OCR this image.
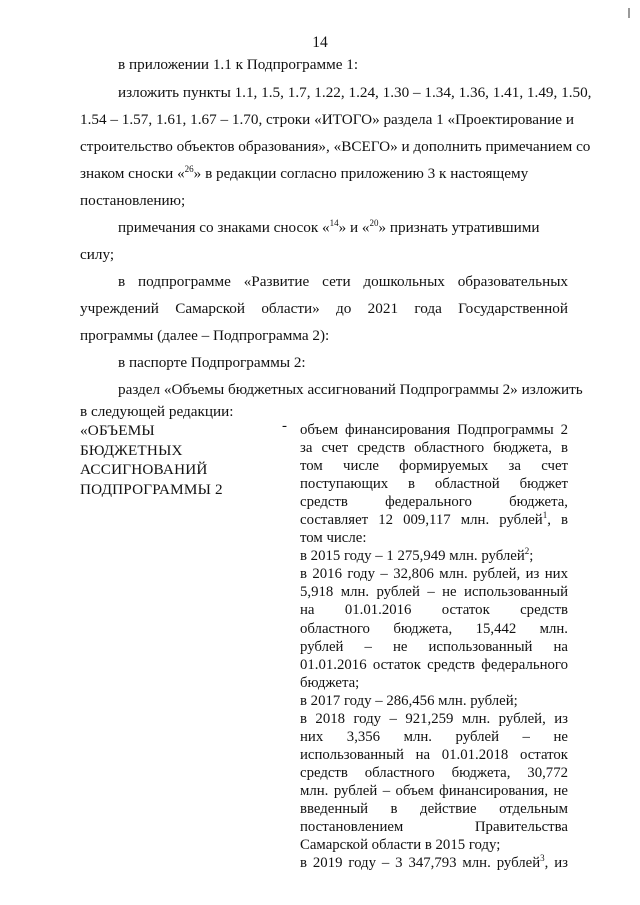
14
в приложении 1.1 к Подпрограмме 1:
изложить пункты 1.1, 1.5, 1.7, 1.22, 1.24, 1.30 – 1.34, 1.36, 1.41, 1.49, 1.50,
1.54 – 1.57, 1.61, 1.67 – 1.70, строки «ИТОГО» раздела 1 «Проектирование и
строительство объектов образования», «ВСЕГО» и дополнить примечанием со
знаком сноски «$^{26}$» в редакции согласно приложению 3 к настоящему
постановлению;
примечания со знаками сносок «$^{14}$» и «$^{20}$» признать утратившими
силу;
в подпрограмме «Развитие сети дошкольных образовательных
учреждений Самарской области» до 2021 года Государственной
программы (далее – Подпрограмма 2):
в паспорте Подпрограммы 2:
раздел «Объемы бюджетных ассигнований Подпрограммы 2» изложить
в следующей редакции:
«ОБЪЕМЫ
БЮДЖЕТНЫХ
АССИГНОВАНИЙ
ПОДПРОГРАММЫ 2
- объем финансирования Подпрограммы 2
за счет средств областного бюджета, в
том числе формируемых за счет
поступающих в областной бюджет
средств федерального бюджета,
составляет 12 009,117 млн. рублей$^1$, в
том числе:
в 2015 году – 1 275,949 млн. рублей$^2$;
в 2016 году – 32,806 млн. рублей, из них
5,918 млн. рублей – не использованный
на 01.01.2016 остаток средств
областного бюджета, 15,442 млн.
рублей – не использованный на
01.01.2016 остаток средств федерального
бюджета;
в 2017 году – 286,456 млн. рублей;
в 2018 году – 921,259 млн. рублей, из
них 3,356 млн. рублей – не
использованный на 01.01.2018 остаток
средств областного бюджета, 30,772
млн. рублей – объем финансирования, не
введенный в действие отдельным
постановлением Правительства
Самарской области в 2015 году;
в 2019 году – 3 347,793 млн. рублей$^3$, из
